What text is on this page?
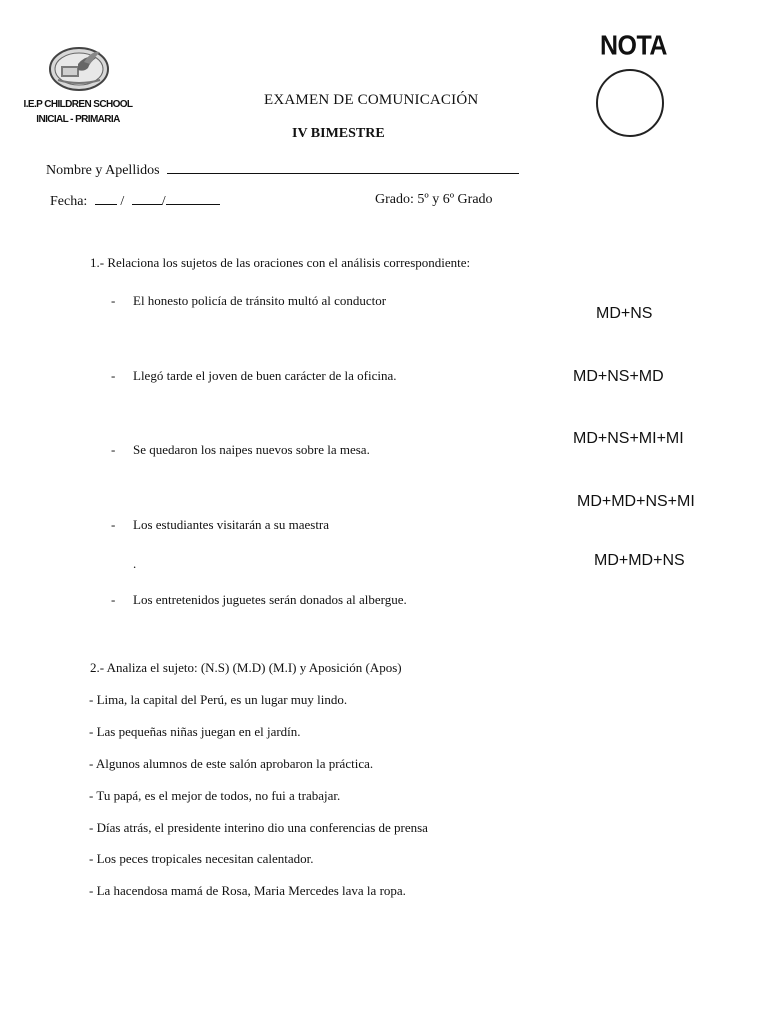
I.E.P CHILDREN SCHOOL
INICIAL - PRIMARIA
EXAMEN DE COMUNICACIÓN
IV BIMESTRE
NOTA
Nombre y Apellidos
Fecha: /	/	Grado: 5º y 6º Grado
1.- Relaciona los sujetos de las oraciones con el análisis correspondiente:
- El honesto policía de tránsito multó al conductor
- Llegó tarde el joven de buen carácter de la oficina.
- Se quedaron los naipes nuevos sobre la mesa.
- Los estudiantes visitarán a su maestra
.
- Los entretenidos juguetes serán donados al albergue.
MD+NS
MD+NS+MD
MD+NS+MI+MI
MD+MD+NS+MI
MD+MD+NS
2.- Analiza el sujeto: (N.S) (M.D) (M.I) y Aposición (Apos)
- Lima, la capital del Perú, es un lugar muy lindo.
- Las pequeñas niñas juegan en el jardín.
- Algunos alumnos de este salón aprobaron la práctica.
- Tu papá, es el mejor de todos, no fui a trabajar.
- Días atrás, el presidente interino dio una conferencias de prensa
- Los peces tropicales necesitan calentador.
- La hacendosa mamá de Rosa, Maria Mercedes lava la ropa.
